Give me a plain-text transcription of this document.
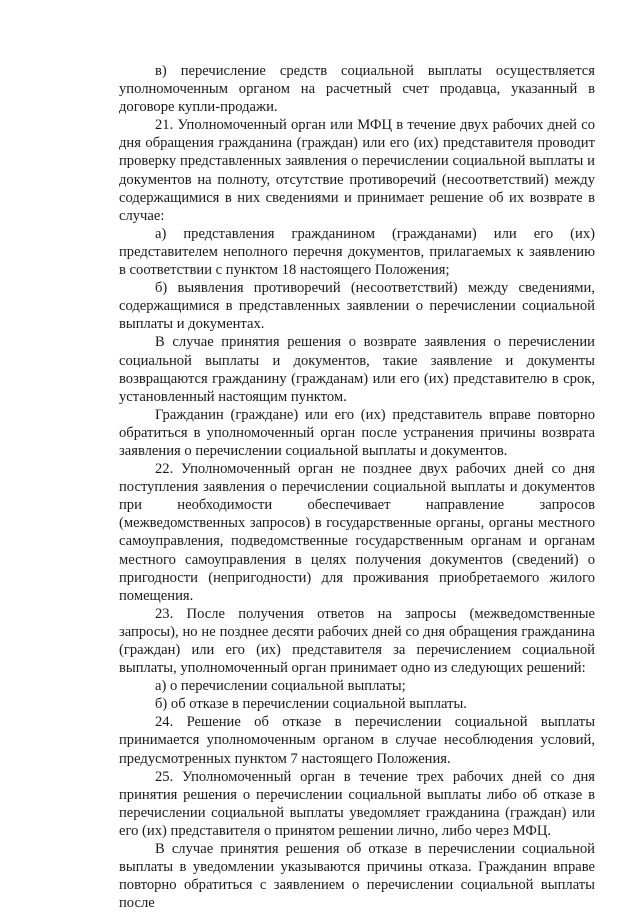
в) перечисление средств социальной выплаты осуществляется уполномоченным органом на расчетный счет продавца, указанный в договоре купли-продажи.

21. Уполномоченный орган или МФЦ в течение двух рабочих дней со дня обращения гражданина (граждан) или его (их) представителя проводит проверку представленных заявления о перечислении социальной выплаты и документов на полноту, отсутствие противоречий (несоответствий) между содержащимися в них сведениями и принимает решение об их возврате в случае:

а) представления гражданином (гражданами) или его (их) представителем неполного перечня документов, прилагаемых к заявлению в соответствии с пунктом 18 настоящего Положения;

б) выявления противоречий (несоответствий) между сведениями, содержащимися в представленных заявлении о перечислении социальной выплаты и документах.

В случае принятия решения о возврате заявления о перечислении социальной выплаты и документов, такие заявление и документы возвращаются гражданину (гражданам) или его (их) представителю в срок, установленный настоящим пунктом.

Гражданин (граждане) или его (их) представитель вправе повторно обратиться в уполномоченный орган после устранения причины возврата заявления о перечислении социальной выплаты и документов.

22. Уполномоченный орган не позднее двух рабочих дней со дня поступления заявления о перечислении социальной выплаты и документов при необходимости обеспечивает направление запросов (межведомственных запросов) в государственные органы, органы местного самоуправления, подведомственные государственным органам и органам местного самоуправления в целях получения документов (сведений) о пригодности (непригодности) для проживания приобретаемого жилого помещения.

23. После получения ответов на запросы (межведомственные запросы), но не позднее десяти рабочих дней со дня обращения гражданина (граждан) или его (их) представителя за перечислением социальной выплаты, уполномоченный орган принимает одно из следующих решений:

а) о перечислении социальной выплаты;

б) об отказе в перечислении социальной выплаты.

24. Решение об отказе в перечислении социальной выплаты принимается уполномоченным органом в случае несоблюдения условий, предусмотренных пунктом 7 настоящего Положения.

25. Уполномоченный орган в течение трех рабочих дней со дня принятия решения о перечислении социальной выплаты либо об отказе в перечислении социальной выплаты уведомляет гражданина (граждан) или его (их) представителя о принятом решении лично, либо через МФЦ.

В случае принятия решения об отказе в перечислении социальной выплаты в уведомлении указываются причины отказа. Гражданин вправе повторно обратиться с заявлением о перечислении социальной выплаты после
